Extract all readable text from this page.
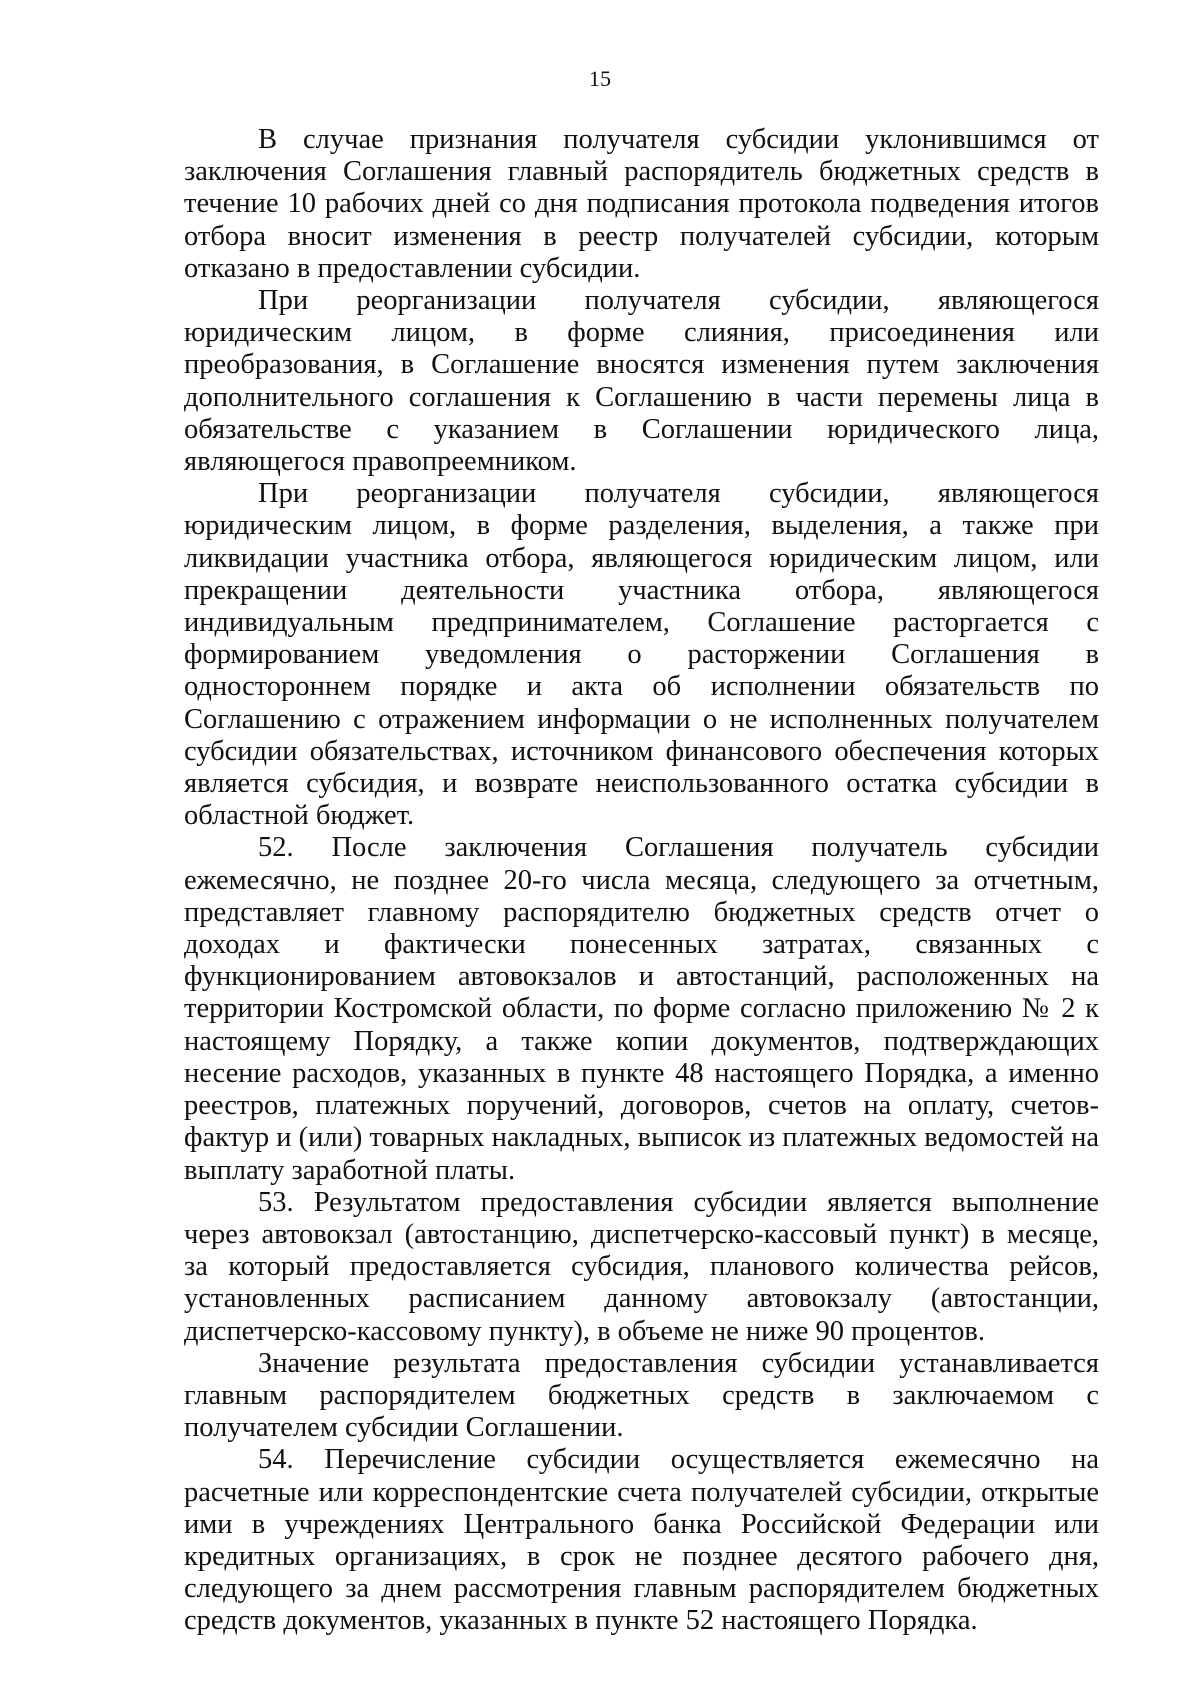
15

В случае признания получателя субсидии уклонившимся от заключения Соглашения главный распорядитель бюджетных средств в течение 10 рабочих дней со дня подписания протокола подведения итогов отбора вносит изменения в реестр получателей субсидии, которым отказано в предоставлении субсидии.

При реорганизации получателя субсидии, являющегося юридическим лицом, в форме слияния, присоединения или преобразования, в Соглашение вносятся изменения путем заключения дополнительного соглашения к Соглашению в части перемены лица в обязательстве с указанием в Соглашении юридического лица, являющегося правопреемником.

При реорганизации получателя субсидии, являющегося юридическим лицом, в форме разделения, выделения, а также при ликвидации участника отбора, являющегося юридическим лицом, или прекращении деятельности участника отбора, являющегося индивидуальным предпринимателем, Соглашение расторгается с формированием уведомления о расторжении Соглашения в одностороннем порядке и акта об исполнении обязательств по Соглашению с отражением информации о не исполненных получателем субсидии обязательствах, источником финансового обеспечения которых является субсидия, и возврате неиспользованного остатка субсидии в областной бюджет.

52. После заключения Соглашения получатель субсидии ежемесячно, не позднее 20-го числа месяца, следующего за отчетным, представляет главному распорядителю бюджетных средств отчет о доходах и фактически понесенных затратах, связанных с функционированием автовокзалов и автостанций, расположенных на территории Костромской области, по форме согласно приложению № 2 к настоящему Порядку, а также копии документов, подтверждающих несение расходов, указанных в пункте 48 настоящего Порядка, а именно реестров, платежных поручений, договоров, счетов на оплату, счетов-фактур и (или) товарных накладных, выписок из платежных ведомостей на выплату заработной платы.

53. Результатом предоставления субсидии является выполнение через автовокзал (автостанцию, диспетчерско-кассовый пункт) в месяце, за который предоставляется субсидия, планового количества рейсов, установленных расписанием данному автовокзалу (автостанции, диспетчерско-кассовому пункту), в объеме не ниже 90 процентов.

Значение результата предоставления субсидии устанавливается главным распорядителем бюджетных средств в заключаемом с получателем субсидии Соглашении.

54. Перечисление субсидии осуществляется ежемесячно на расчетные или корреспондентские счета получателей субсидии, открытые ими в учреждениях Центрального банка Российской Федерации или кредитных организациях, в срок не позднее десятого рабочего дня, следующего за днем рассмотрения главным распорядителем бюджетных средств документов, указанных в пункте 52 настоящего Порядка.
